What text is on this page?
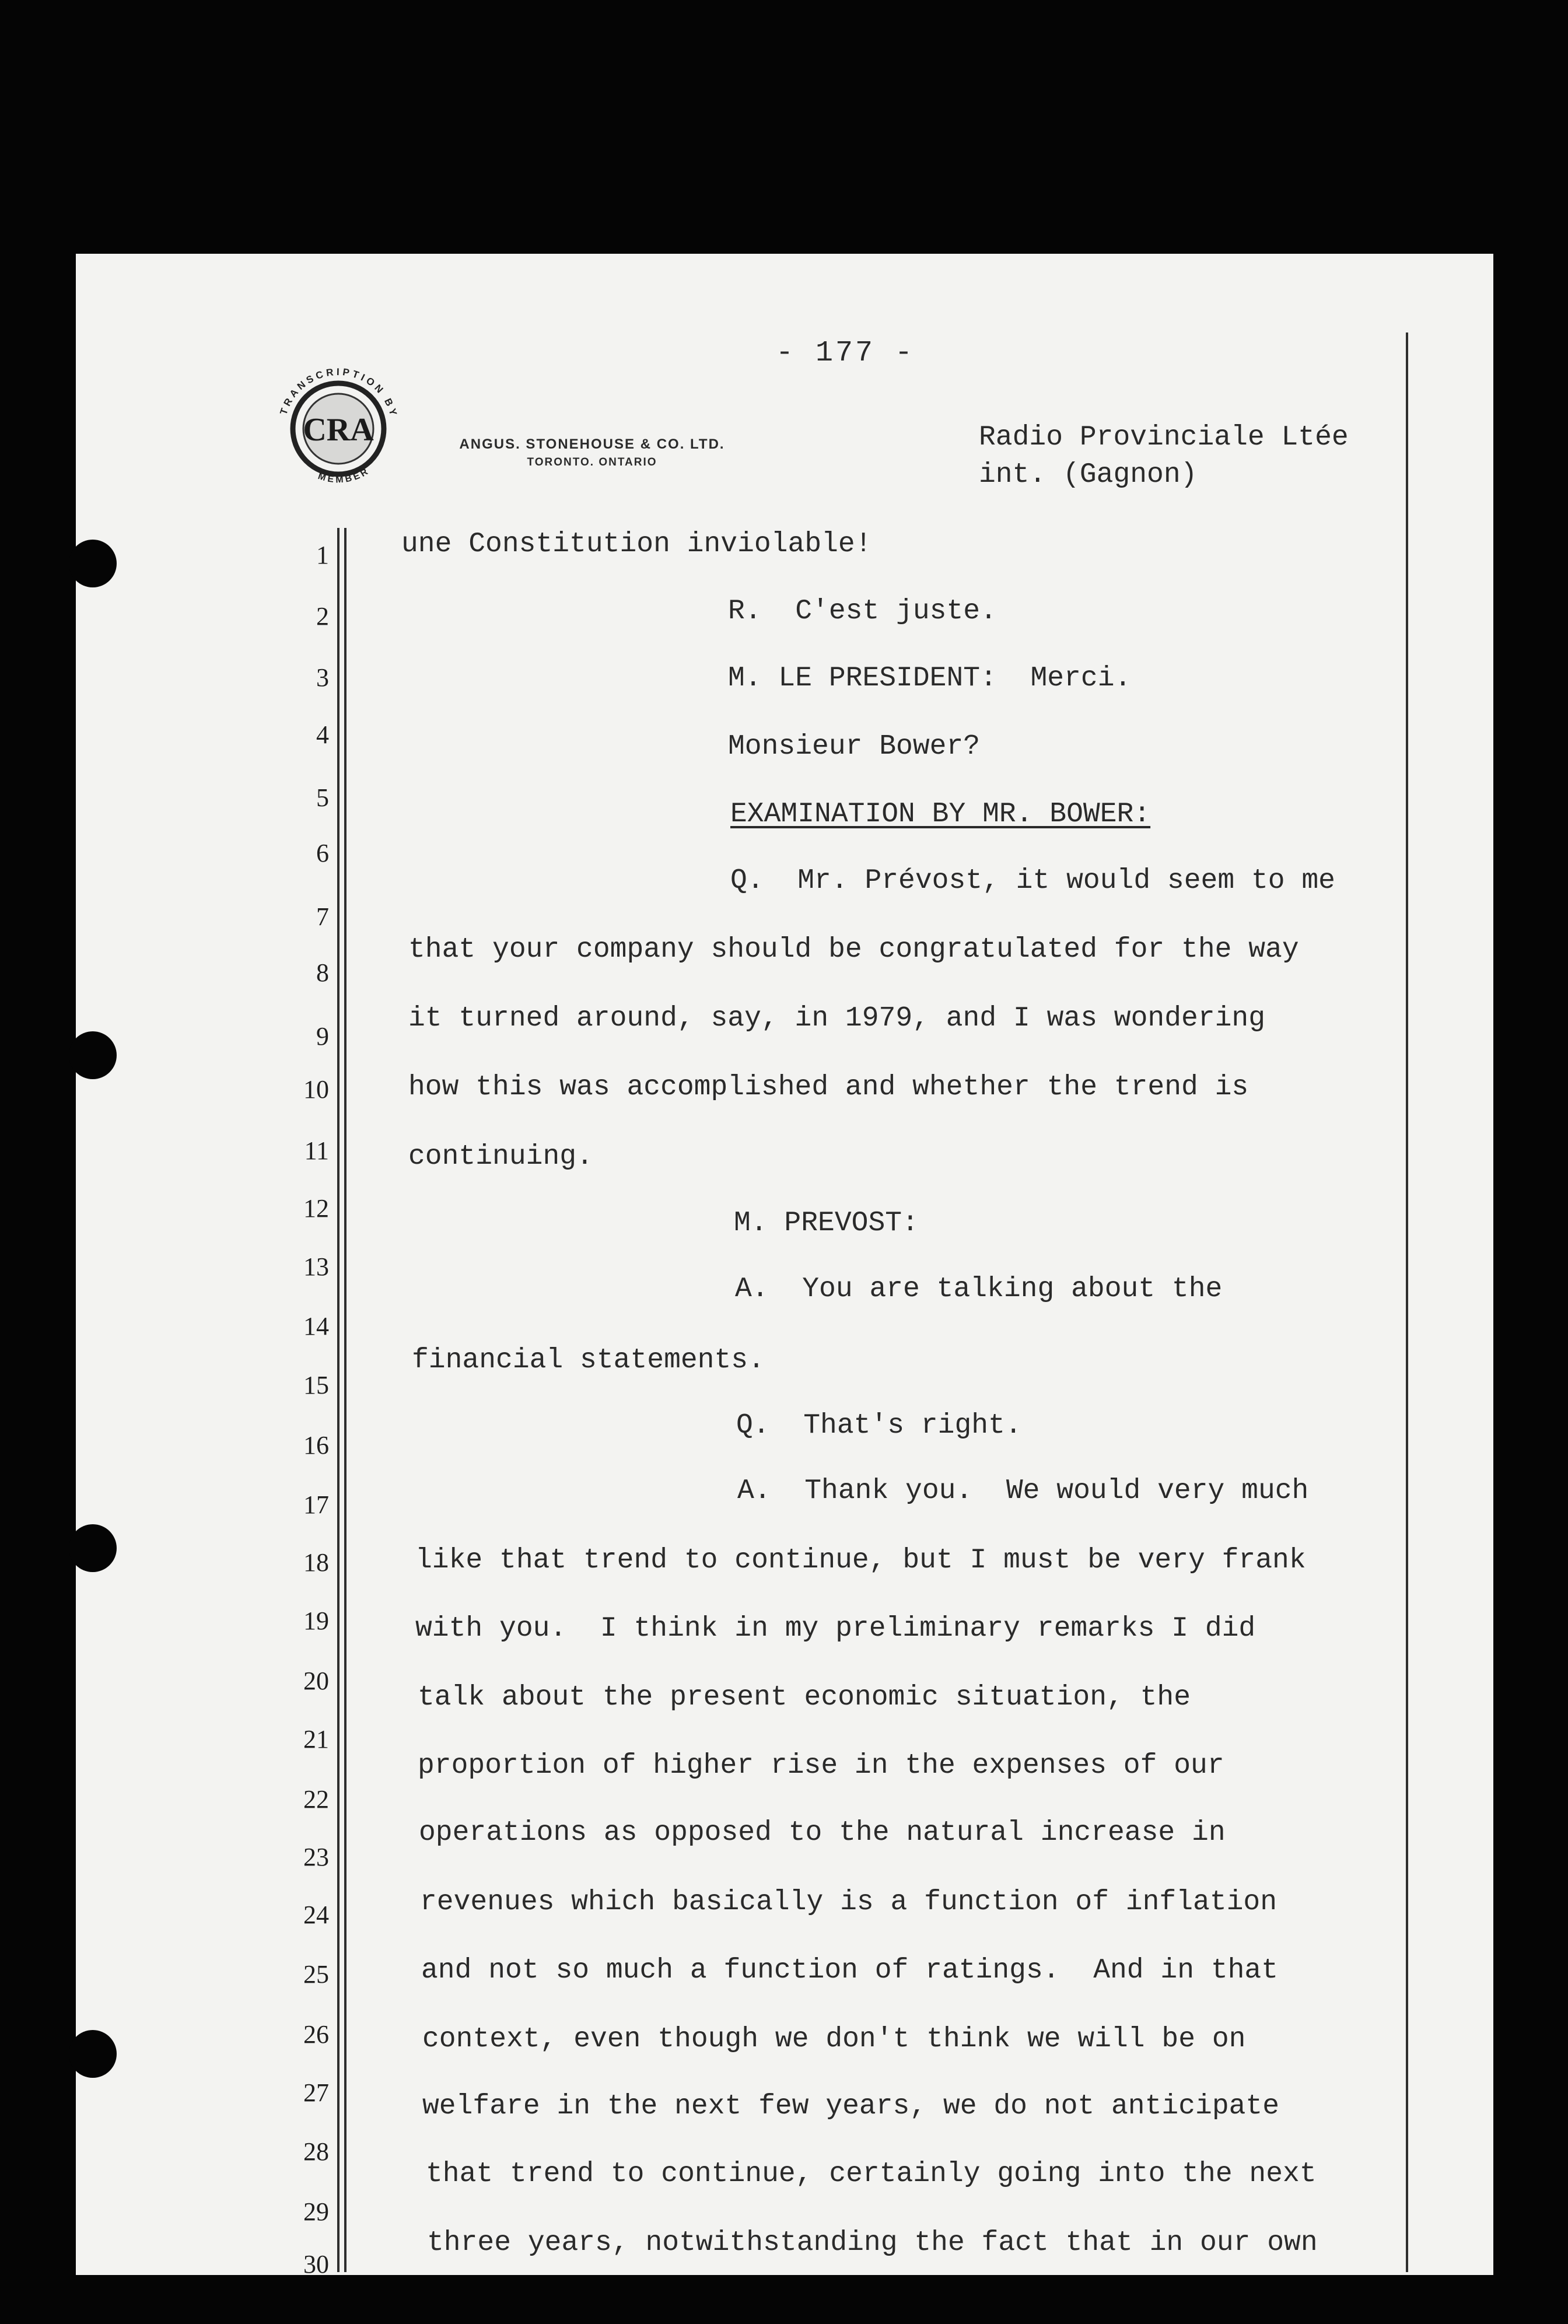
- 177 -
TRANSCRIPTION BY
MEMBER
CRA	ANGUS. STONEHOUSE & CO. LTD.
TORONTO. ONTARIO
Radio Provinciale Ltée
int. (Gagnon)
1
2
3
4
5
6
7
8
9
10
11
12
13
14
15
16
17
18
19
20
21
22
23
24
25
26
27
28
29
30
une Constitution inviolable!
R.  C'est juste.
M. LE PRESIDENT:  Merci.
Monsieur Bower?
EXAMINATION BY MR. BOWER:
Q.  Mr. Prévost, it would seem to me
that your company should be congratulated for the way
it turned around, say, in 1979, and I was wondering
how this was accomplished and whether the trend is
continuing.
M. PREVOST:
A.  You are talking about the
financial statements.
Q.  That's right.
A.  Thank you.  We would very much
like that trend to continue, but I must be very frank
with you.  I think in my preliminary remarks I did
talk about the present economic situation, the
proportion of higher rise in the expenses of our
operations as opposed to the natural increase in
revenues which basically is a function of inflation
and not so much a function of ratings.  And in that
context, even though we don't think we will be on
welfare in the next few years, we do not anticipate
that trend to continue, certainly going into the next
three years, notwithstanding the fact that in our own
